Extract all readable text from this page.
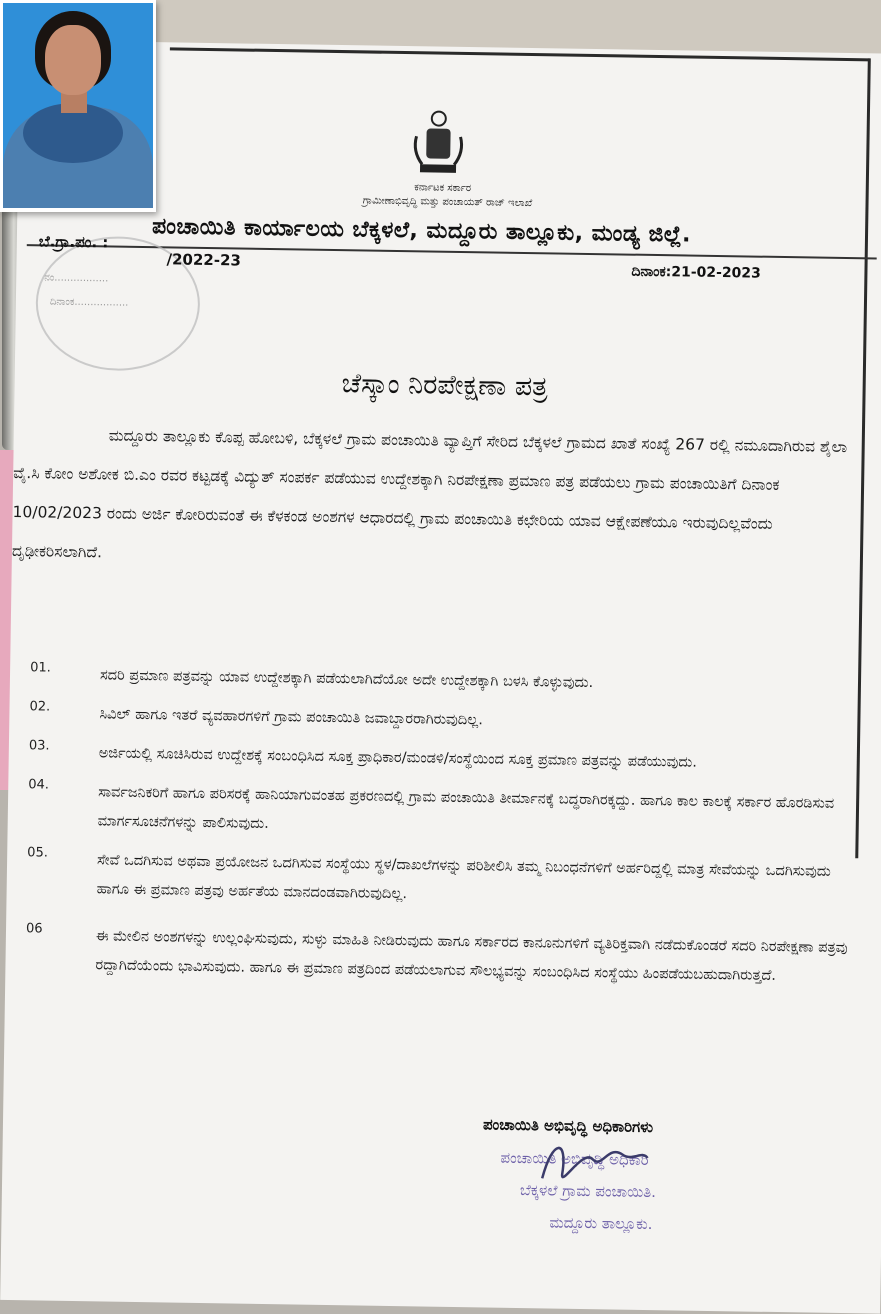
ಕರ್ನಾಟಕ ಸರ್ಕಾರ
ಗ್ರಾಮೀಣಾಭಿವೃದ್ಧಿ ಮತ್ತು ಪಂಚಾಯತ್ ರಾಜ್ ಇಲಾಖೆ
ಪಂಚಾಯಿತಿ ಕಾರ್ಯಾಲಯ ಬೆಕ್ಕಳಲೆ, ಮದ್ದೂರು ತಾಲ್ಲೂಕು, ಮಂಡ್ಯ ಜಿಲ್ಲೆ.
ನಂ.................
ದಿನಾಂಕ.................
ಬೆ.ಗ್ರಾ.ಪಂ. :
/2022-23
ದಿನಾಂಕ:21-02-2023
ಚೆಸ್ಕಾಂ ನಿರಪೇಕ್ಷಣಾ ಪತ್ರ
ಮದ್ದೂರು ತಾಲ್ಲೂಕು ಕೊಪ್ಪ ಹೋಬಳಿ, ಬೆಕ್ಕಳಲೆ ಗ್ರಾಮ ಪಂಚಾಯಿತಿ ವ್ಯಾಪ್ತಿಗೆ ಸೇರಿದ ಬೆಕ್ಕಳಲೆ ಗ್ರಾಮದ ಖಾತೆ ಸಂಖ್ಯೆ 267 ರಲ್ಲಿ ನಮೂದಾಗಿರುವ ಶೈಲಾ ವೈ.ಸಿ ಕೋಂ ಅಶೋಕ ಬಿ.ಎಂ ರವರ ಕಟ್ಟಡಕ್ಕೆ ವಿದ್ಯುತ್ ಸಂಪರ್ಕ ಪಡೆಯುವ ಉದ್ದೇಶಕ್ಕಾಗಿ ನಿರಪೇಕ್ಷಣಾ ಪ್ರಮಾಣ ಪತ್ರ ಪಡೆಯಲು ಗ್ರಾಮ ಪಂಚಾಯಿತಿಗೆ ದಿನಾಂಕ 10/02/2023 ರಂದು ಅರ್ಜಿ ಕೋರಿರುವಂತೆ ಈ ಕೆಳಕಂಡ ಅಂಶಗಳ ಆಧಾರದಲ್ಲಿ ಗ್ರಾಮ ಪಂಚಾಯಿತಿ ಕಛೇರಿಯ ಯಾವ ಆಕ್ಷೇಪಣೆಯೂ ಇರುವುದಿಲ್ಲವೆಂದು ದೃಢೀಕರಿಸಲಾಗಿದೆ.
01.	ಸದರಿ ಪ್ರಮಾಣ ಪತ್ರವನ್ನು ಯಾವ ಉದ್ದೇಶಕ್ಕಾಗಿ ಪಡೆಯಲಾಗಿದೆಯೋ ಅದೇ ಉದ್ದೇಶಕ್ಕಾಗಿ ಬಳಸಿ ಕೊಳ್ಳುವುದು.
02.	ಸಿವಿಲ್ ಹಾಗೂ ಇತರೆ ವ್ಯವಹಾರಗಳಿಗೆ ಗ್ರಾಮ ಪಂಚಾಯಿತಿ ಜವಾಬ್ದಾರರಾಗಿರುವುದಿಲ್ಲ.
03.	ಅರ್ಜಿಯಲ್ಲಿ ಸೂಚಿಸಿರುವ ಉದ್ದೇಶಕ್ಕೆ ಸಂಬಂಧಿಸಿದ ಸೂಕ್ತ ಪ್ರಾಧಿಕಾರ/ಮಂಡಳಿ/ಸಂಸ್ಥೆಯಿಂದ ಸೂಕ್ತ ಪ್ರಮಾಣ ಪತ್ರವನ್ನು ಪಡೆಯುವುದು.
04.	ಸಾರ್ವಜನಿಕರಿಗೆ ಹಾಗೂ ಪರಿಸರಕ್ಕೆ ಹಾನಿಯಾಗುವಂತಹ ಪ್ರಕರಣದಲ್ಲಿ ಗ್ರಾಮ ಪಂಚಾಯಿತಿ ತೀರ್ಮಾನಕ್ಕೆ ಬದ್ಧರಾಗಿರಕ್ಕದ್ದು. ಹಾಗೂ ಕಾಲ ಕಾಲಕ್ಕೆ ಸರ್ಕಾರ ಹೊರಡಿಸುವ ಮಾರ್ಗಸೂಚನೆಗಳನ್ನು ಪಾಲಿಸುವುದು.
05.	ಸೇವೆ ಒದಗಿಸುವ ಅಥವಾ ಪ್ರಯೋಜನ ಒದಗಿಸುವ ಸಂಸ್ಥೆಯು ಸ್ಥಳ/ದಾಖಲೆಗಳನ್ನು ಪರಿಶೀಲಿಸಿ ತಮ್ಮ ನಿಬಂಧನೆಗಳಿಗೆ ಅರ್ಹರಿದ್ದಲ್ಲಿ ಮಾತ್ರ ಸೇವೆಯನ್ನು ಒದಗಿಸುವುದು ಹಾಗೂ ಈ ಪ್ರಮಾಣ ಪತ್ರವು ಅರ್ಹತೆಯ ಮಾನದಂಡವಾಗಿರುವುದಿಲ್ಲ.
06	ಈ ಮೇಲಿನ ಅಂಶಗಳನ್ನು ಉಲ್ಲಂಘಿಸುವುದು, ಸುಳ್ಳು ಮಾಹಿತಿ ನೀಡಿರುವುದು ಹಾಗೂ ಸರ್ಕಾರದ ಕಾನೂನುಗಳಿಗೆ ವ್ಯತಿರಿಕ್ತವಾಗಿ ನಡೆದುಕೊಂಡರೆ ಸದರಿ ನಿರಪೇಕ್ಷಣಾ ಪತ್ರವು ರದ್ದಾಗಿದೆಯೆಂದು ಭಾವಿಸುವುದು. ಹಾಗೂ ಈ ಪ್ರಮಾಣ ಪತ್ರದಿಂದ ಪಡೆಯಲಾಗುವ ಸೌಲಭ್ಯವನ್ನು ಸಂಬಂಧಿಸಿದ ಸಂಸ್ಥೆಯು ಹಿಂಪಡೆಯಬಹುದಾಗಿರುತ್ತದೆ.
ಪಂಚಾಯಿತಿ ಅಭಿವೃದ್ಧಿ ಅಧಿಕಾರಿಗಳು
ಪಂಚಾಯಿತಿ ಅಭಿವೃದ್ಧಿ ಅಧಿಕಾರಿ
ಬೆಕ್ಕಳಲೆ ಗ್ರಾಮ ಪಂಚಾಯಿತಿ.
ಮದ್ದೂರು ತಾಲ್ಲೂಕು.
